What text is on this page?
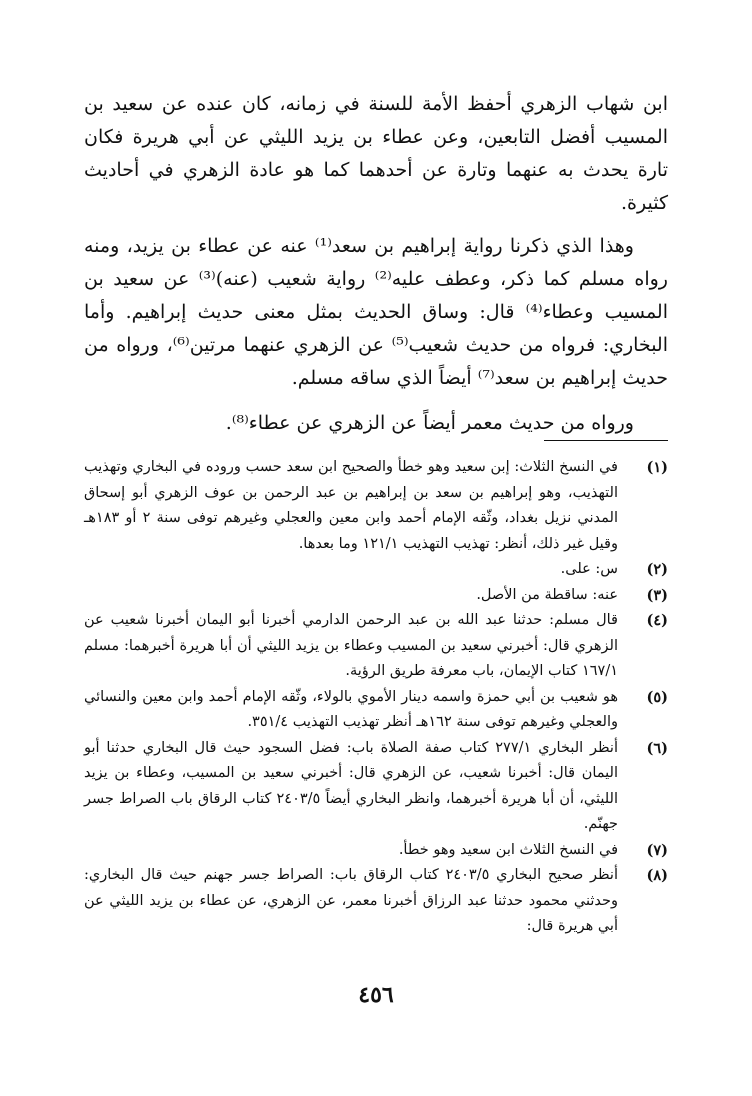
ابن شهاب الزهري أحفظ الأمة للسنة في زمانه، كان عنده عن سعيد بن المسيب أفضل التابعين، وعن عطاء بن يزيد الليثي عن أبي هريرة فكان تارة يحدث به عنهما وتارة عن أحدهما كما هو عادة الزهري في أحاديث كثيرة.

وهذا الذي ذكرنا رواية إبراهيم بن سعد⁽¹⁾ عنه عن عطاء بن يزيد، ومنه رواه مسلم كما ذكر، وعطف عليه⁽²⁾ رواية شعيب (عنه)⁽³⁾ عن سعيد بن المسيب وعطاء⁽⁴⁾ قال: وساق الحديث بمثل معنى حديث إبراهيم. وأما البخاري: فرواه من حديث شعيب⁽⁵⁾ عن الزهري عنهما مرتين⁽⁶⁾، ورواه من حديث إبراهيم بن سعد⁽⁷⁾ أيضاً الذي ساقه مسلم.

ورواه من حديث معمر أيضاً عن الزهري عن عطاء⁽⁸⁾.

(١)
في النسخ الثلاث: إبن سعيد وهو خطأ والصحيح ابن سعد حسب وروده في البخاري وتهذيب التهذيب، وهو إبراهيم بن سعد بن إبراهيم بن عبد الرحمن بن عوف الزهري أبو إسحاق المدني نزيل بغداد، وثّقه الإمام أحمد وابن معين والعجلي وغيرهم توفى سنة ٢ أو ١٨٣هـ وقيل غير ذلك، أنظر: تهذيب التهذيب ١٢١/١ وما بعدها.
(٢)
س: على.
(٣)
عنه: ساقطة من الأصل.
(٤)
قال مسلم: حدثنا عبد الله بن عبد الرحمن الدارمي أخبرنا أبو اليمان أخبرنا شعيب عن الزهري قال: أخبرني سعيد بن المسيب وعطاء بن يزيد الليثي أن أبا هريرة أخبرهما: مسلم ١٦٧/١ كتاب الإيمان، باب معرفة طريق الرؤية.
(٥)
هو شعيب بن أبي حمزة واسمه دينار الأموي بالولاء، وثّقه الإمام أحمد وابن معين والنسائي والعجلي وغيرهم توفى سنة ١٦٢هـ أنظر تهذيب التهذيب ٣٥١/٤.
(٦)
أنظر البخاري ٢٧٧/١ كتاب صفة الصلاة باب: فضل السجود حيث قال البخاري حدثنا أبو اليمان قال: أخبرنا شعيب، عن الزهري قال: أخبرني سعيد بن المسيب، وعطاء بن يزيد الليثي، أن أبا هريرة أخبرهما، وانظر البخاري أيضاً ٢٤٠٣/٥ كتاب الرقاق باب الصراط جسر جهنّم.
(٧)
في النسخ الثلاث ابن سعيد وهو خطأ.
(٨)
أنظر صحيح البخاري ٢٤٠٣/٥ كتاب الرقاق باب: الصراط جسر جهنم حيث قال البخاري: وحدثني محمود حدثنا عبد الرزاق أخبرنا معمر، عن الزهري، عن عطاء بن يزيد الليثي عن أبي هريرة قال:
٤٥٦
